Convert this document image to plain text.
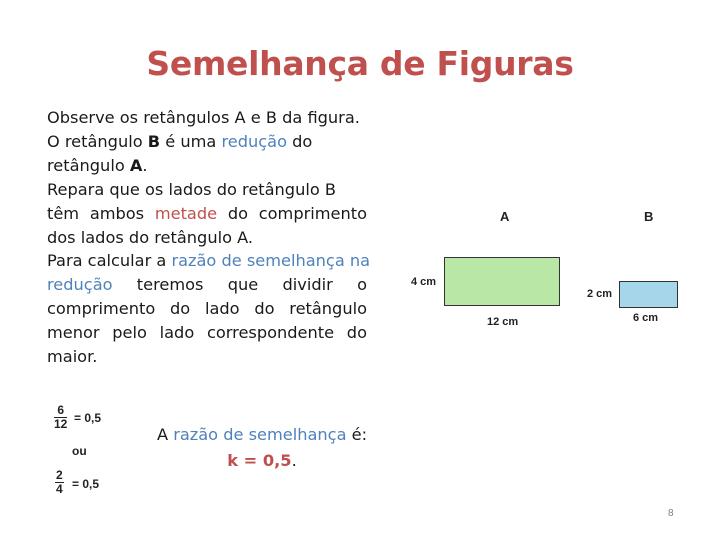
Semelhança de Figuras
Observe os retângulos A e B da figura.
O retângulo B é uma redução do
retângulo A.
Repara que os lados do retângulo B
têm ambos metade do comprimento
dos lados do retângulo A.
Para calcular a razão de semelhança na
redução teremos que dividir o
comprimento do lado do retângulo
menor pelo lado correspondente do
maior.
A	B
4 cm
12 cm
2 cm
6 cm
$\frac{6}{12} = 0,5$
ou
$\frac{2}{4} = 0,5$
A razão de semelhança é:
k = 0,5.
8
